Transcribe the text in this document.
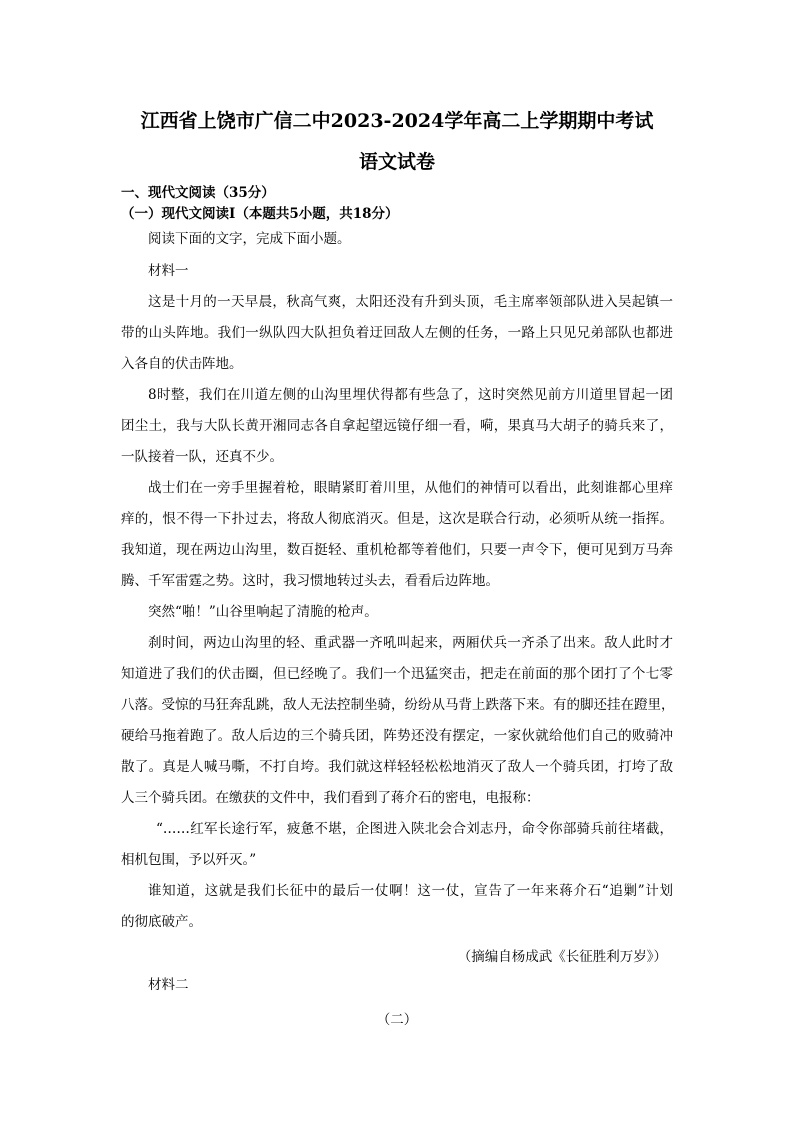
江西省上饶市广信二中2023-2024学年高二上学期期中考试
语文试卷
一、现代文阅读（35分）
（一）现代文阅读Ⅰ（本题共5小题，共18分）
阅读下面的文字，完成下面小题。
材料一
这是十月的一天早晨，秋高气爽，太阳还没有升到头顶，毛主席率领部队进入吴起镇一
带的山头阵地。我们一纵队四大队担负着迂回敌人左侧的任务，一路上只见兄弟部队也都进
入各自的伏击阵地。
8时整，我们在川道左侧的山沟里埋伏得都有些急了，这时突然见前方川道里冒起一团
团尘土，我与大队长黄开湘同志各自拿起望远镜仔细一看，嗬，果真马大胡子的骑兵来了，
一队接着一队，还真不少。
战士们在一旁手里握着枪，眼睛紧盯着川里，从他们的神情可以看出，此刻谁都心里痒
痒的，恨不得一下扑过去，将敌人彻底消灭。但是，这次是联合行动，必须听从统一指挥。
我知道，现在两边山沟里，数百挺轻、重机枪都等着他们，只要一声令下，便可见到万马奔
腾、千军雷霆之势。这时，我习惯地转过头去，看看后边阵地。
突然“啪！”山谷里响起了清脆的枪声。
刹时间，两边山沟里的轻、重武器一齐吼叫起来，两厢伏兵一齐杀了出来。敌人此时才
知道进了我们的伏击圈，但已经晚了。我们一个迅猛突击，把走在前面的那个团打了个七零
八落。受惊的马狂奔乱跳，敌人无法控制坐骑，纷纷从马背上跌落下来。有的脚还挂在蹬里，
硬给马拖着跑了。敌人后边的三个骑兵团，阵势还没有摆定，一家伙就给他们自己的败骑冲
散了。真是人喊马嘶，不打自垮。我们就这样轻轻松松地消灭了敌人一个骑兵团，打垮了敌
人三个骑兵团。在缴获的文件中，我们看到了蒋介石的密电，电报称：
“……红军长途行军，疲惫不堪，企图进入陕北会合刘志丹，命令你部骑兵前往堵截，
相机包围，予以歼灭。”
谁知道，这就是我们长征中的最后一仗啊！这一仗，宣告了一年来蒋介石“追剿”计划
的彻底破产。
（摘编自杨成武《长征胜利万岁》）
材料二
（二）
